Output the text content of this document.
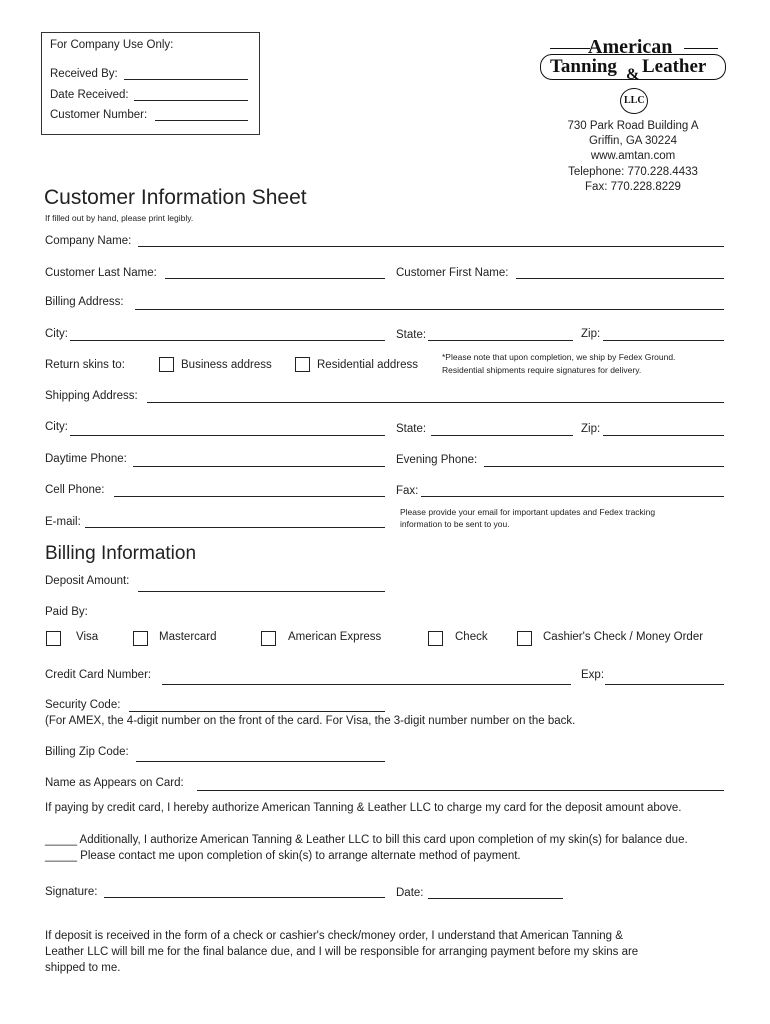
For Company Use Only:
Received By:
Date Received:
Customer Number:
American
Tanning & Leather
LLC
730 Park Road Building A
Griffin, GA 30224
www.amtan.com
Telephone: 770.228.4433
Fax: 770.228.8229
Customer Information Sheet
If filled out by hand, please print legibly.
Company Name:
Customer Last Name:	Customer First Name:
Billing Address:
City:	State:	Zip:
Return skins to:	Business address	Residential address
*Please note that upon completion, we ship by Fedex Ground.
Residential shipments require signatures for delivery.
Shipping Address:
City:	State:	Zip:
Daytime Phone:	Evening Phone:
Cell Phone:	Fax:
Please provide your email for important updates and Fedex tracking
information to be sent to you.
E-mail:
Billing Information
Deposit Amount:
Paid By:
Visa	Mastercard	American Express	Check	Cashier's Check / Money Order
Credit Card Number:	Exp:
Security Code:
(For AMEX, the 4-digit number on the front of the card. For Visa, the 3-digit number number on the back.
Billing Zip Code:
Name as Appears on Card:
If paying by credit card, I hereby authorize American Tanning & Leather LLC to charge my card for the deposit amount above.
_____ Additionally, I authorize American Tanning & Leather LLC to bill this card upon completion of my skin(s) for balance due.
_____ Please contact me upon completion of skin(s) to arrange alternate method of payment.
Signature:	Date:
If deposit is received in the form of a check or cashier's check/money order, I understand that American Tanning &
Leather LLC will bill me for the final balance due, and I will be responsible for arranging payment before my skins are
shipped to me.
